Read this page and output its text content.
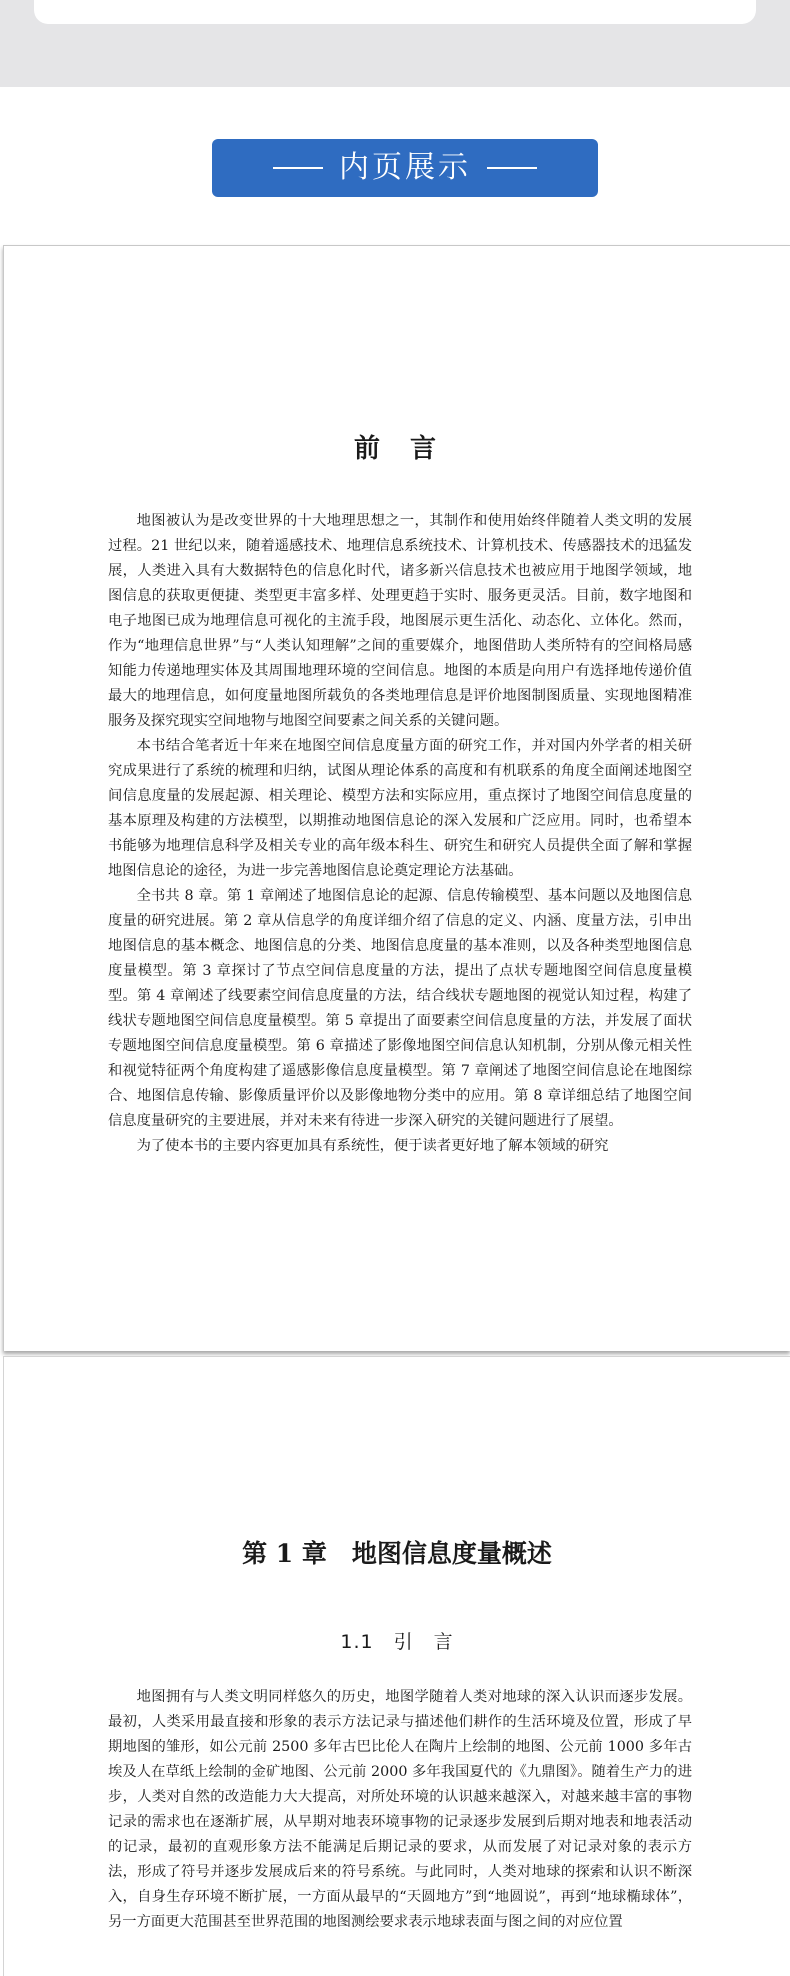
内页展示
前  言

地图被认为是改变世界的十大地理思想之一，其制作和使用始终伴随着人类文明的发展过程。21 世纪以来，随着遥感技术、地理信息系统技术、计算机技术、传感器技术的迅猛发展，人类进入具有大数据特色的信息化时代，诸多新兴信息技术也被应用于地图学领域，地图信息的获取更便捷、类型更丰富多样、处理更趋于实时、服务更灵活。目前，数字地图和电子地图已成为地理信息可视化的主流手段，地图展示更生活化、动态化、立体化。然而，作为“地理信息世界”与“人类认知理解”之间的重要媒介，地图借助人类所特有的空间格局感知能力传递地理实体及其周围地理环境的空间信息。地图的本质是向用户有选择地传递价值最大的地理信息，如何度量地图所载负的各类地理信息是评价地图制图质量、实现地图精准服务及探究现实空间地物与地图空间要素之间关系的关键问题。

本书结合笔者近十年来在地图空间信息度量方面的研究工作，并对国内外学者的相关研究成果进行了系统的梳理和归纳，试图从理论体系的高度和有机联系的角度全面阐述地图空间信息度量的发展起源、相关理论、模型方法和实际应用，重点探讨了地图空间信息度量的基本原理及构建的方法模型，以期推动地图信息论的深入发展和广泛应用。同时，也希望本书能够为地理信息科学及相关专业的高年级本科生、研究生和研究人员提供全面了解和掌握地图信息论的途径，为进一步完善地图信息论奠定理论方法基础。

全书共 8 章。第 1 章阐述了地图信息论的起源、信息传输模型、基本问题以及地图信息度量的研究进展。第 2 章从信息学的角度详细介绍了信息的定义、内涵、度量方法，引申出地图信息的基本概念、地图信息的分类、地图信息度量的基本准则，以及各种类型地图信息度量模型。第 3 章探讨了节点空间信息度量的方法，提出了点状专题地图空间信息度量模型。第 4 章阐述了线要素空间信息度量的方法，结合线状专题地图的视觉认知过程，构建了线状专题地图空间信息度量模型。第 5 章提出了面要素空间信息度量的方法，并发展了面状专题地图空间信息度量模型。第 6 章描述了影像地图空间信息认知机制，分别从像元相关性和视觉特征两个角度构建了遥感影像信息度量模型。第 7 章阐述了地图空间信息论在地图综合、地图信息传输、影像质量评价以及影像地物分类中的应用。第 8 章详细总结了地图空间信息度量研究的主要进展，并对未来有待进一步深入研究的关键问题进行了展望。

为了使本书的主要内容更加具有系统性，便于读者更好地了解本领域的研究

第 1 章　地图信息度量概述
1.1　引　言

地图拥有与人类文明同样悠久的历史，地图学随着人类对地球的深入认识而逐步发展。最初，人类采用最直接和形象的表示方法记录与描述他们耕作的生活环境及位置，形成了早期地图的雏形，如公元前 2500 多年古巴比伦人在陶片上绘制的地图、公元前 1000 多年古埃及人在草纸上绘制的金矿地图、公元前 2000 多年我国夏代的《九鼎图》。随着生产力的进步，人类对自然的改造能力大大提高，对所处环境的认识越来越深入，对越来越丰富的事物记录的需求也在逐渐扩展，从早期对地表环境事物的记录逐步发展到后期对地表和地表活动的记录，最初的直观形象方法不能满足后期记录的要求，从而发展了对记录对象的表示方法，形成了符号并逐步发展成后来的符号系统。与此同时，人类对地球的探索和认识不断深入，自身生存环境不断扩展，一方面从最早的“天圆地方”到“地圆说”，再到“地球椭球体”，另一方面更大范围甚至世界范围的地图测绘要求表示地球表面与图之间的对应位置
